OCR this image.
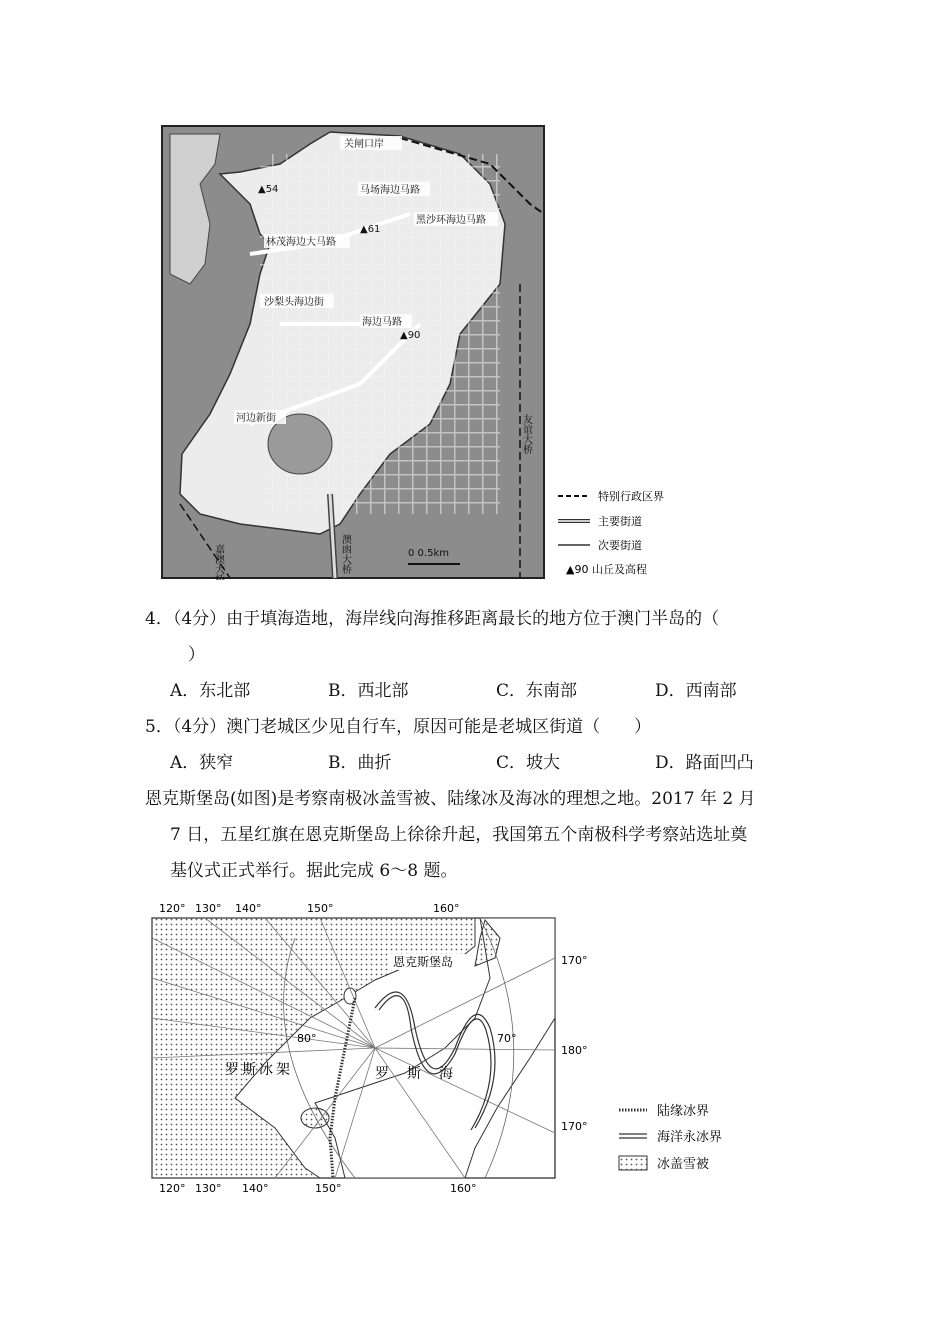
关闸口岸
▲54	马场海边马路
▲61
黑沙环海边马路
林茂海边大马路
沙梨头海边街
海边马路
▲90
河边新街	友谊大桥
澳凼大桥
嘉澳大桥	0 0.5km
特别行政区界
主要街道
次要街道
▲90 山丘及高程
4．（4分）由于填海造地，海岸线向海推移距离最长的地方位于澳门半岛的（
）
A．东北部	B．西北部	C．东南部	D．西南部
5．（4分）澳门老城区少见自行车，原因可能是老城区街道（　　）
A．狭窄	B．曲折	C．坡大	D．路面凹凸
恩克斯堡岛(如图)是考察南极冰盖雪被、陆缘冰及海冰的理想之地。2017 年 2 月
7 日，五星红旗在恩克斯堡岛上徐徐升起，我国第五个南极科学考察站选址奠
基仪式正式举行。据此完成 6～8 题。
120° 130° 140°	150°	160°
120° 130° 140°	150°	160°
170°
180°
170°
80°	70°
恩克斯堡岛
罗斯冰架	罗斯海
陆缘冰界
海洋永冰界
冰盖雪被
